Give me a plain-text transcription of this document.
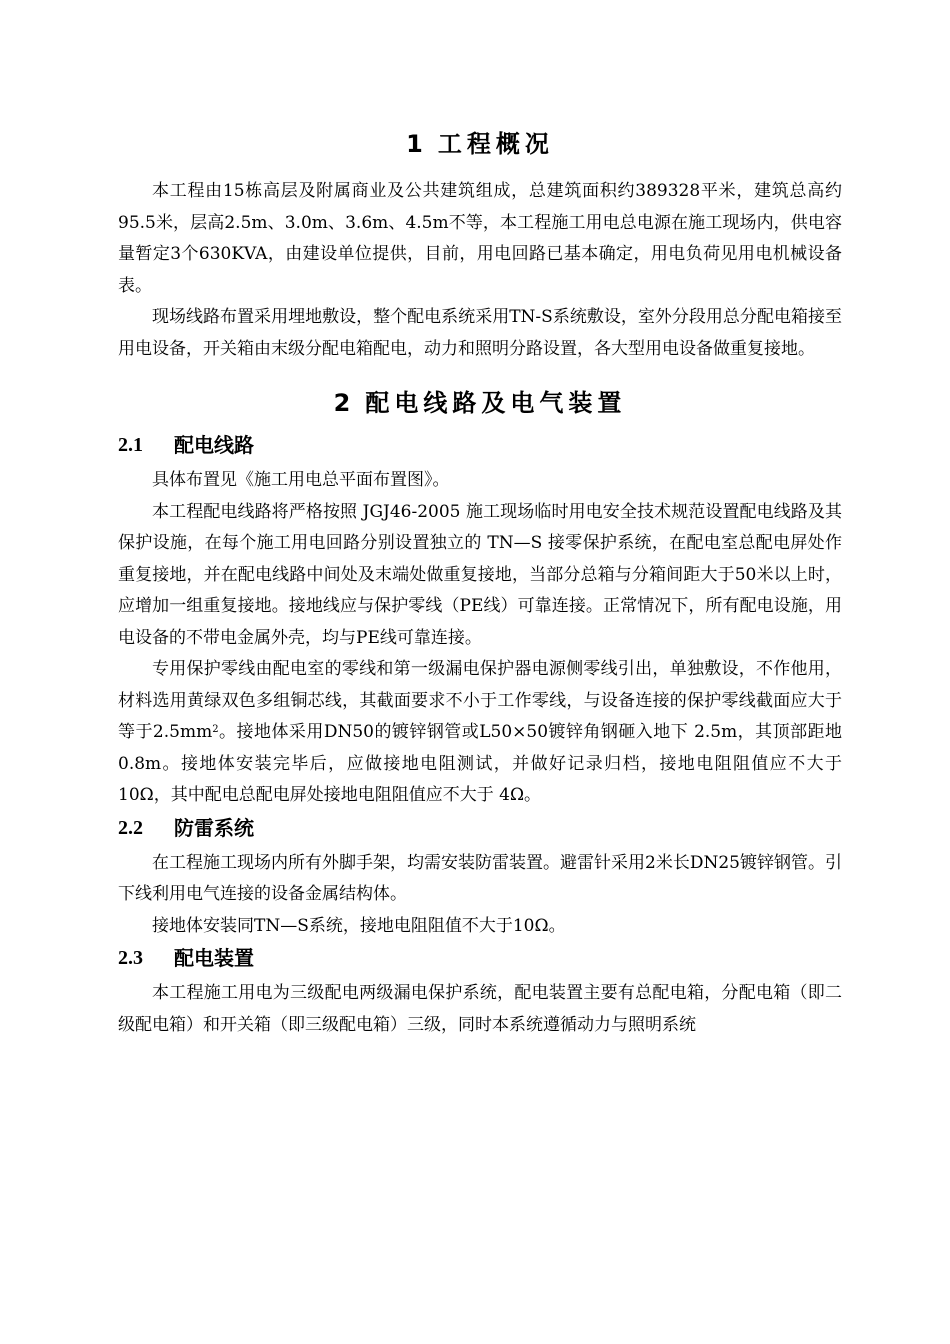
1 工程概况

本工程由15栋高层及附属商业及公共建筑组成，总建筑面积约389328平米，建筑总高约95.5米，层高2.5m、3.0m、3.6m、4.5m不等，本工程施工用电总电源在施工现场内，供电容量暂定3个630KVA，由建设单位提供，目前，用电回路已基本确定，用电负荷见用电机械设备表。

现场线路布置采用埋地敷设，整个配电系统采用TN-S系统敷设，室外分段用总分配电箱接至用电设备，开关箱由末级分配电箱配电，动力和照明分路设置，各大型用电设备做重复接地。

2 配电线路及电气装置
2.1	配电线路

具体布置见《施工用电总平面布置图》。

本工程配电线路将严格按照 JGJ46-2005 施工现场临时用电安全技术规范设置配电线路及其保护设施，在每个施工用电回路分别设置独立的 TN—S 接零保护系统，在配电室总配电屏处作重复接地，并在配电线路中间处及末端处做重复接地，当部分总箱与分箱间距大于50米以上时，应增加一组重复接地。接地线应与保护零线（PE线）可靠连接。正常情况下，所有配电设施，用电设备的不带电金属外壳，均与PE线可靠连接。

专用保护零线由配电室的零线和第一级漏电保护器电源侧零线引出，单独敷设，不作他用，材料选用黄绿双色多组铜芯线，其截面要求不小于工作零线，与设备连接的保护零线截面应大于等于$2.5mm^2$。接地体采用DN50的镀锌钢管或L50×50镀锌角钢砸入地下 2.5m，其顶部距地 0.8m。接地体安装完毕后，应做接地电阻测试，并做好记录归档，接地电阻阻值应不大于 10Ω，其中配电总配电屏处接地电阻阻值应不大于 4Ω。

2.2	防雷系统

在工程施工现场内所有外脚手架，均需安装防雷装置。避雷针采用2米长DN25镀锌钢管。引下线利用电气连接的设备金属结构体。

接地体安装同TN—S系统，接地电阻阻值不大于10Ω。

2.3	配电装置

本工程施工用电为三级配电两级漏电保护系统，配电装置主要有总配电箱，分配电箱（即二级配电箱）和开关箱（即三级配电箱）三级，同时本系统遵循动力与照明系统
